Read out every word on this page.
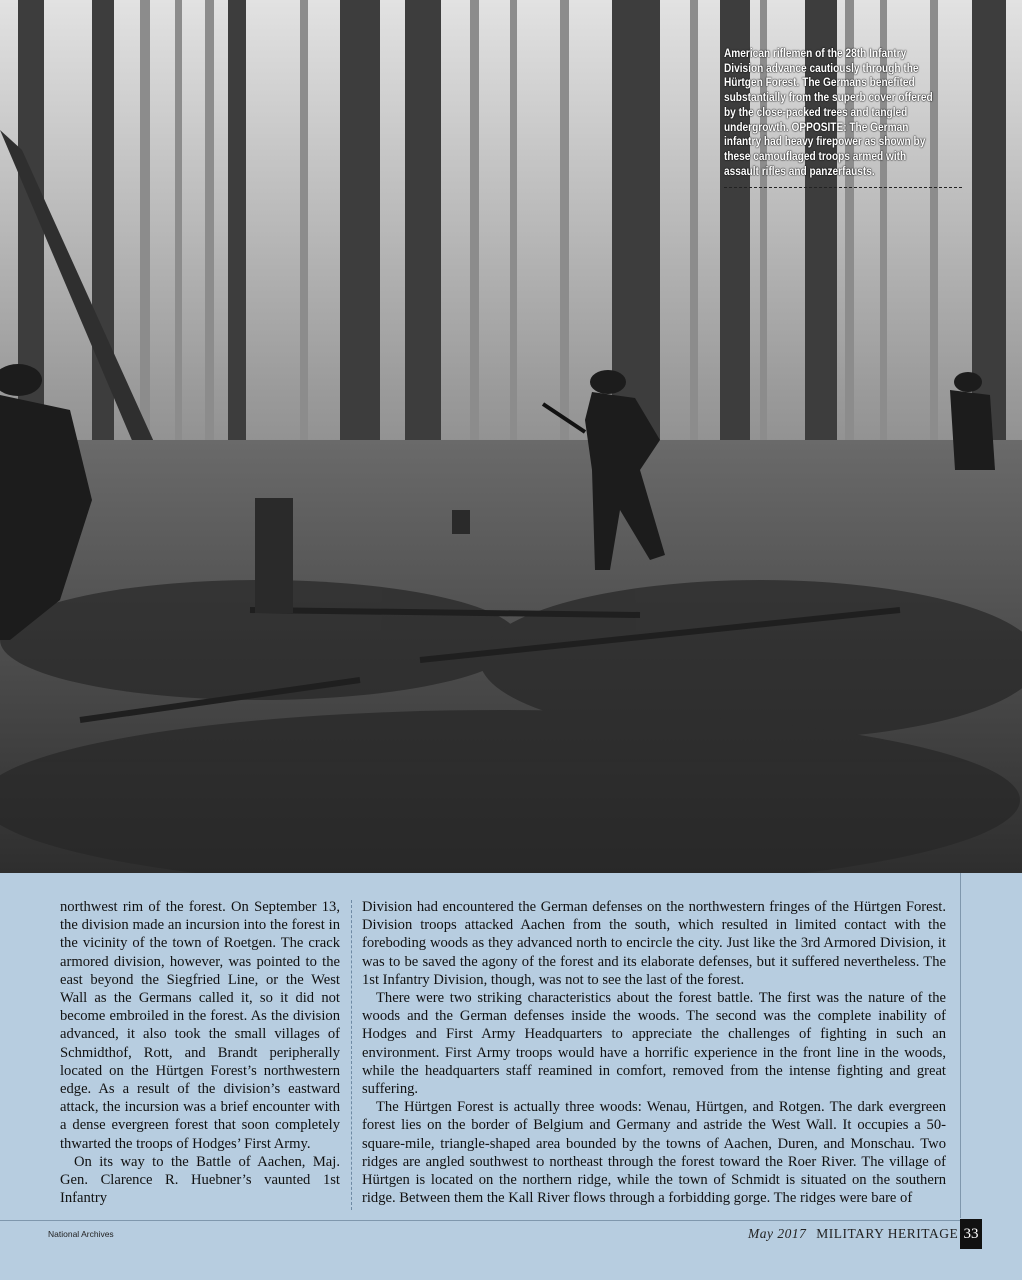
American riflemen of the 28th Infantry Division advance cautiously through the Hürtgen Forest. The Germans benefited substantially from the superb cover offered by the close-packed trees and tangled undergrowth. OPPOSITE: The German infantry had heavy firepower as shown by these camouflaged troops armed with assault rifles and panzerfausts.

northwest rim of the forest. On September 13, the division made an incursion into the forest in the vicinity of the town of Roetgen. The crack armored division, however, was pointed to the east beyond the Siegfried Line, or the West Wall as the Germans called it, so it did not become embroiled in the forest. As the division advanced, it also took the small villages of Schmidthof, Rott, and Brandt peripherally located on the Hürtgen Forest’s northwestern edge. As a result of the division’s eastward attack, the incursion was a brief encounter with a dense evergreen forest that soon completely thwarted the troops of Hodges’ First Army.

On its way to the Battle of Aachen, Maj. Gen. Clarence R. Huebner’s vaunted 1st Infantry

Division had encountered the German defenses on the northwestern fringes of the Hürtgen Forest. Division troops attacked Aachen from the south, which resulted in limited contact with the foreboding woods as they advanced north to encircle the city. Just like the 3rd Armored Division, it was to be saved the agony of the forest and its elaborate defenses, but it suffered nevertheless. The 1st Infantry Division, though, was not to see the last of the forest.

There were two striking characteristics about the forest battle. The first was the nature of the woods and the German defenses inside the woods. The second was the complete inability of Hodges and First Army Headquarters to appreciate the challenges of fighting in such an environment. First Army troops would have a horrific experience in the front line in the woods, while the headquarters staff reamined in comfort, removed from the intense fighting and great suffering.

The Hürtgen Forest is actually three woods: Wenau, Hürtgen, and Rotgen. The dark evergreen forest lies on the border of Belgium and Germany and astride the West Wall. It occupies a 50-square-mile, triangle-shaped area bounded by the towns of Aachen, Duren, and Monschau. Two ridges are angled southwest to northeast through the forest toward the Roer River. The village of Hürtgen is located on the northern ridge, while the town of Schmidt is situated on the southern ridge. Between them the Kall River flows through a forbidding gorge. The ridges were bare of

National Archives	May 2017 MILITARY HERITAGE 33
